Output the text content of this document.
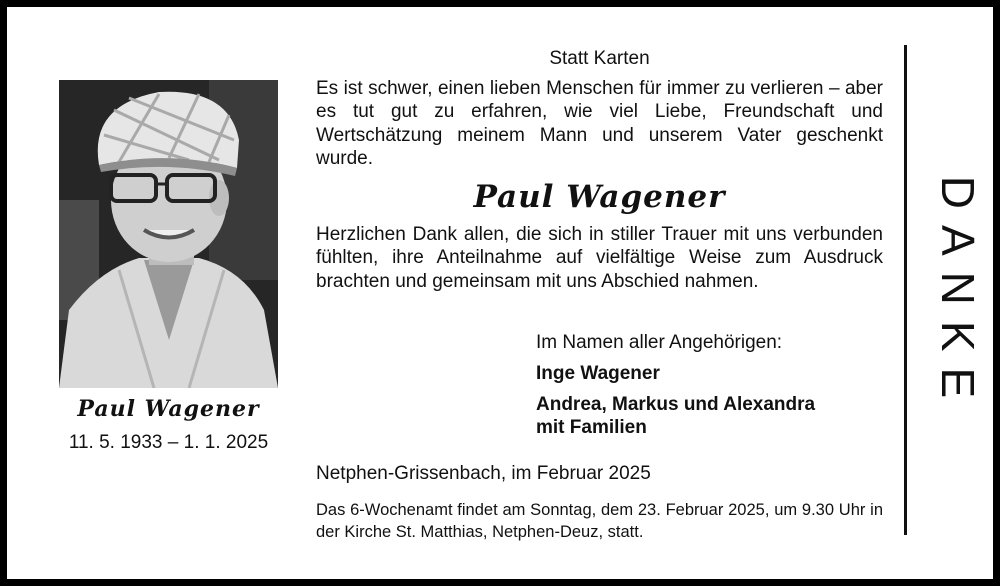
Paul Wagener
11. 5. 1933 – 1. 1. 2025

Statt Karten

Es ist schwer, einen lieben Menschen für immer zu verlieren – aber es tut gut zu erfahren, wie viel Liebe, Freundschaft und Wertschätzung meinem Mann und unserem Vater geschenkt wurde.

Paul Wagener

Herzlichen Dank allen, die sich in stiller Trauer mit uns verbunden fühlten, ihre Anteilnahme auf vielfältige Weise zum Ausdruck brachten und gemeinsam mit uns Abschied nahmen.

Im Namen aller Angehörigen:
Inge Wagener
Andrea, Markus und Alexandra
mit Familien
Netphen-Grissenbach, im Februar 2025
Das 6-Wochenamt findet am Sonntag, dem 23. Februar 2025, um 9.30 Uhr in der Kirche St. Matthias, Netphen-Deuz, statt.
DANKE
